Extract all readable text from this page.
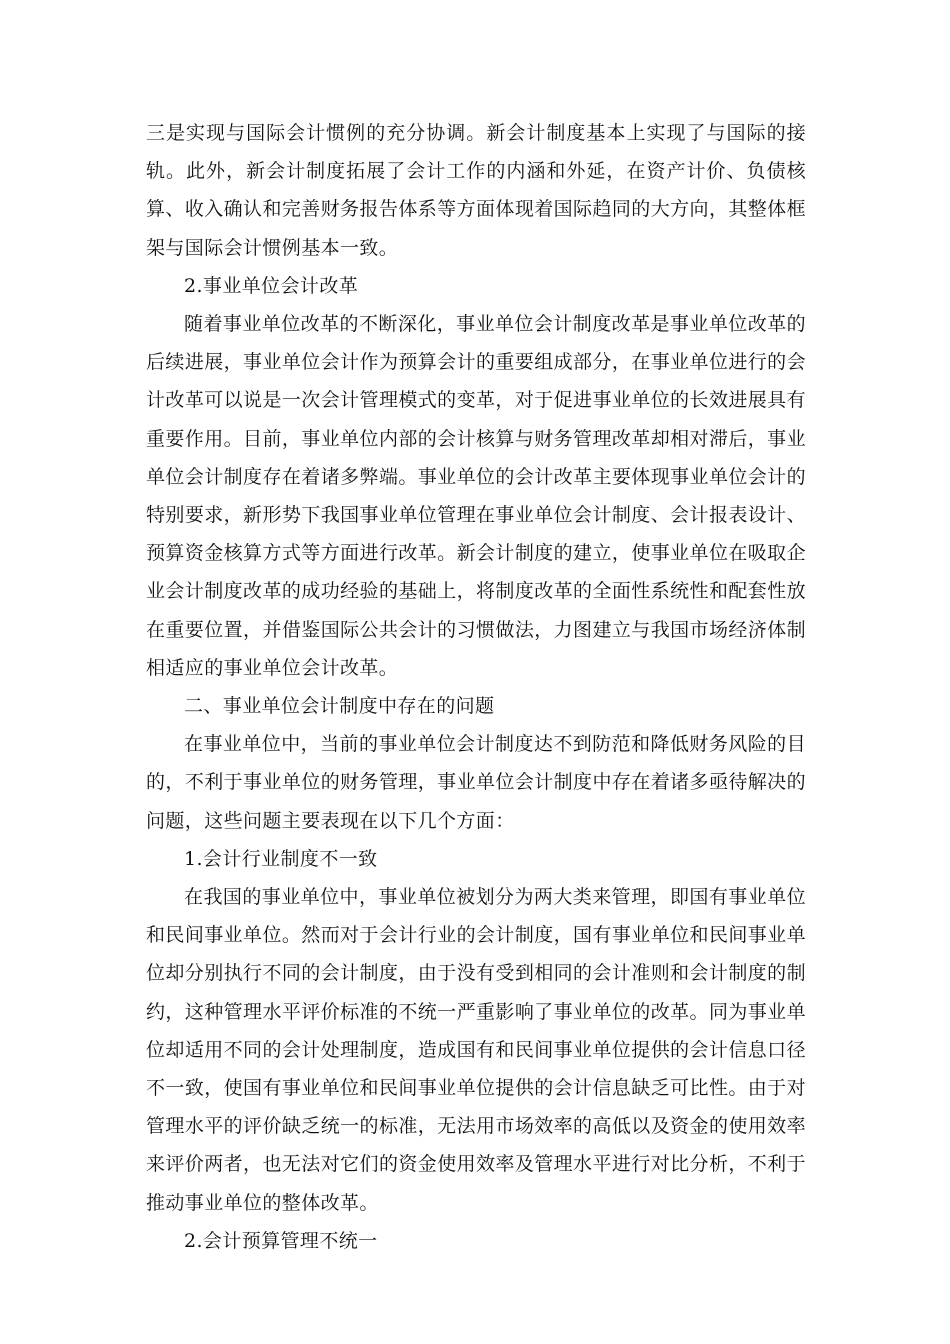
三是实现与国际会计惯例的充分协调。新会计制度基本上实现了与国际的接轨。此外，新会计制度拓展了会计工作的内涵和外延，在资产计价、负债核算、收入确认和完善财务报告体系等方面体现着国际趋同的大方向，其整体框架与国际会计惯例基本一致。

2.事业单位会计改革

随着事业单位改革的不断深化，事业单位会计制度改革是事业单位改革的后续进展，事业单位会计作为预算会计的重要组成部分，在事业单位进行的会计改革可以说是一次会计管理模式的变革，对于促进事业单位的长效进展具有重要作用。目前，事业单位内部的会计核算与财务管理改革却相对滞后，事业单位会计制度存在着诸多弊端。事业单位的会计改革主要体现事业单位会计的特别要求，新形势下我国事业单位管理在事业单位会计制度、会计报表设计、预算资金核算方式等方面进行改革。新会计制度的建立，使事业单位在吸取企业会计制度改革的成功经验的基础上，将制度改革的全面性系统性和配套性放在重要位置，并借鉴国际公共会计的习惯做法，力图建立与我国市场经济体制相适应的事业单位会计改革。

二、事业单位会计制度中存在的问题

在事业单位中，当前的事业单位会计制度达不到防范和降低财务风险的目的，不利于事业单位的财务管理，事业单位会计制度中存在着诸多亟待解决的问题，这些问题主要表现在以下几个方面：

1.会计行业制度不一致

在我国的事业单位中，事业单位被划分为两大类来管理，即国有事业单位和民间事业单位。然而对于会计行业的会计制度，国有事业单位和民间事业单位却分别执行不同的会计制度，由于没有受到相同的会计准则和会计制度的制约，这种管理水平评价标准的不统一严重影响了事业单位的改革。同为事业单位却适用不同的会计处理制度，造成国有和民间事业单位提供的会计信息口径不一致，使国有事业单位和民间事业单位提供的会计信息缺乏可比性。由于对管理水平的评价缺乏统一的标准，无法用市场效率的高低以及资金的使用效率来评价两者，也无法对它们的资金使用效率及管理水平进行对比分析，不利于推动事业单位的整体改革。

2.会计预算管理不统一
